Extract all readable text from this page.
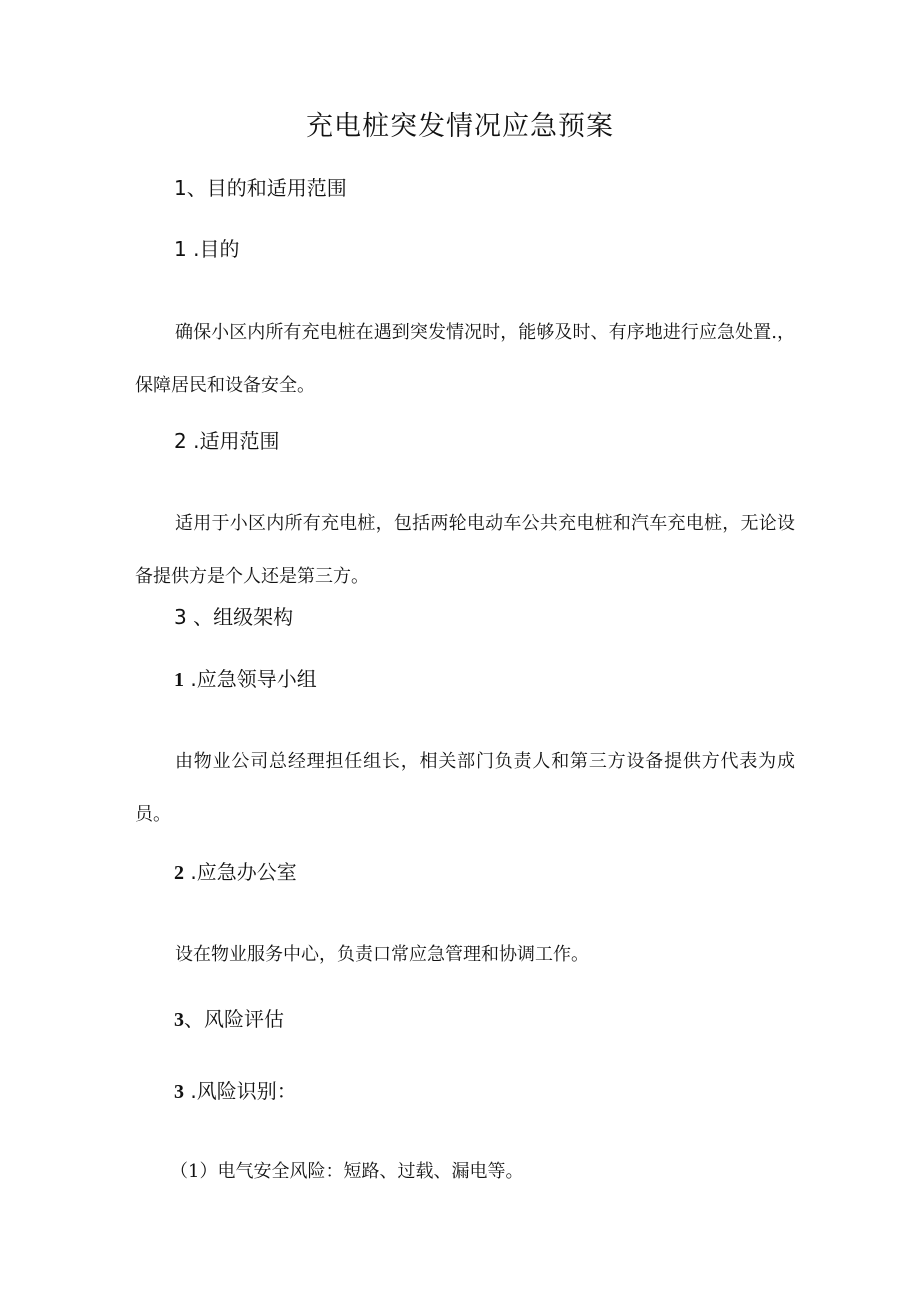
充电桩突发情况应急预案
1、目的和适用范围
1 .目的

确保小区内所有充电桩在遇到突发情况时，能够及时、有序地进行应急处置.，保障居民和设备安全。

2 .适用范围

适用于小区内所有充电桩，包括两轮电动车公共充电桩和汽车充电桩，无论设备提供方是个人还是第三方。

3 、组级架构
1 .应急领导小组

由物业公司总经理担任组长，相关部门负责人和第三方设备提供方代表为成员。

2 .应急办公室
设在物业服务中心，负责口常应急管理和协调工作。
3、风险评估
3 .风险识别：
（1）电气安全风险：短路、过载、漏电等。
